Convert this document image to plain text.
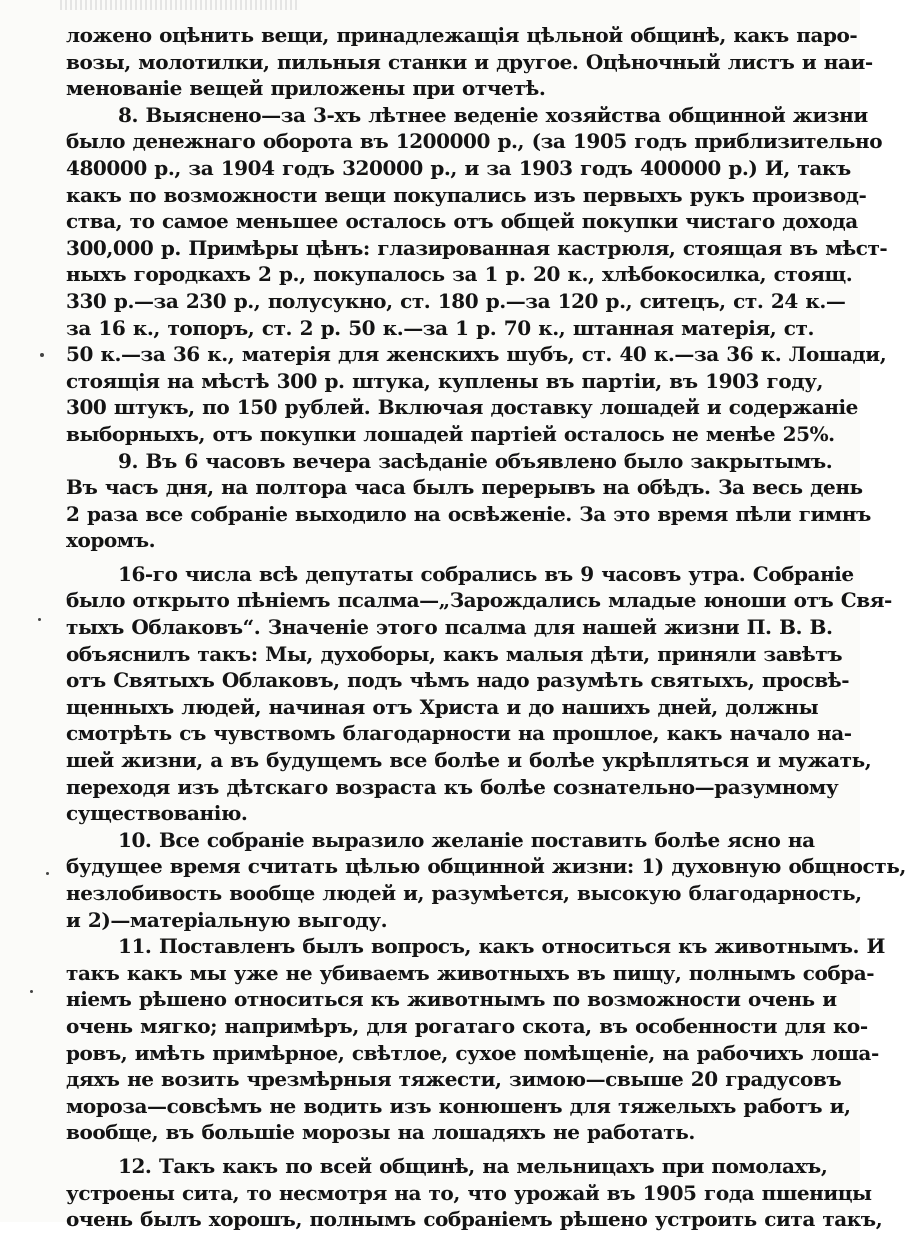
ложено оцѣнить вещи, принадлежащія цѣльной общинѣ, какъ паро-
возы, молотилки, пильныя станки и другое. Оцѣночный листъ и наи-
менованіе вещей приложены при отчетѣ.
8. Выяснено—за 3-хъ лѣтнее веденіе хозяйства общинной жизни
было денежнаго оборота въ 1200000 р., (за 1905 годъ приблизительно
480000 р., за 1904 годъ 320000 р., и за 1903 годъ 400000 р.) И, такъ
какъ по возможности вещи покупались изъ первыхъ рукъ производ-
ства, то самое меньшее осталось отъ общей покупки чистаго дохода
300,000 р. Примѣры цѣнъ: глазированная кастрюля, стоящая въ мѣст-
ныхъ городкахъ 2 р., покупалось за 1 р. 20 к., хлѣбокосилка, стоящ.
330 р.—за 230 р., полусукно, ст. 180 р.—за 120 р., ситецъ, ст. 24 к.—
за 16 к., топоръ, ст. 2 р. 50 к.—за 1 р. 70 к., штанная матерія, ст.
50 к.—за 36 к., матерія для женскихъ шубъ, ст. 40 к.—за 36 к. Лошади,
стоящія на мѣстѣ 300 р. штука, куплены въ партіи, въ 1903 году,
300 штукъ, по 150 рублей. Включая доставку лошадей и содержаніе
выборныхъ, отъ покупки лошадей партіей осталось не менѣе 25%.
9. Въ 6 часовъ вечера засѣданіе объявлено было закрытымъ.
Въ часъ дня, на полтора часа былъ перерывъ на обѣдъ. За весь день
2 раза все собраніе выходило на освѣженіе. За это время пѣли гимнъ
хоромъ.
16-го числа всѣ депутаты собрались въ 9 часовъ утра. Собраніе
было открыто пѣніемъ псалма—„Зарождались младые юноши отъ Свя-
тыхъ Облаковъ“. Значеніе этого псалма для нашей жизни П. В. В.
объяснилъ такъ: Мы, духоборы, какъ малыя дѣти, приняли завѣтъ
отъ Святыхъ Облаковъ, подъ чѣмъ надо разумѣть святыхъ, просвѣ-
щенныхъ людей, начиная отъ Христа и до нашихъ дней, должны
смотрѣть съ чувствомъ благодарности на прошлое, какъ начало на-
шей жизни, а въ будущемъ все болѣе и болѣе укрѣпляться и мужать,
переходя изъ дѣтскаго возраста къ болѣе сознательно—разумному
существованію.
10. Все собраніе выразило желаніе поставить болѣе ясно на
будущее время считать цѣлью общинной жизни: 1) духовную общность,
незлобивость вообще людей и, разумѣется, высокую благодарность,
и 2)—матеріальную выгоду.
11. Поставленъ былъ вопросъ, какъ относиться къ животнымъ. И
такъ какъ мы уже не убиваемъ животныхъ въ пищу, полнымъ собра-
ніемъ рѣшено относиться къ животнымъ по возможности очень и
очень мягко; напримѣръ, для рогатаго скота, въ особенности для ко-
ровъ, имѣть примѣрное, свѣтлое, сухое помѣщеніе, на рабочихъ лоша-
дяхъ не возить чрезмѣрныя тяжести, зимою—свыше 20 градусовъ
мороза—совсѣмъ не водить изъ конюшенъ для тяжелыхъ работъ и,
вообще, въ большіе морозы на лошадяхъ не работать.
12. Такъ какъ по всей общинѣ, на мельницахъ при помолахъ,
устроены сита, то несмотря на то, что урожай въ 1905 года пшеницы
очень былъ хорошъ, полнымъ собраніемъ рѣшено устроить сита такъ,
